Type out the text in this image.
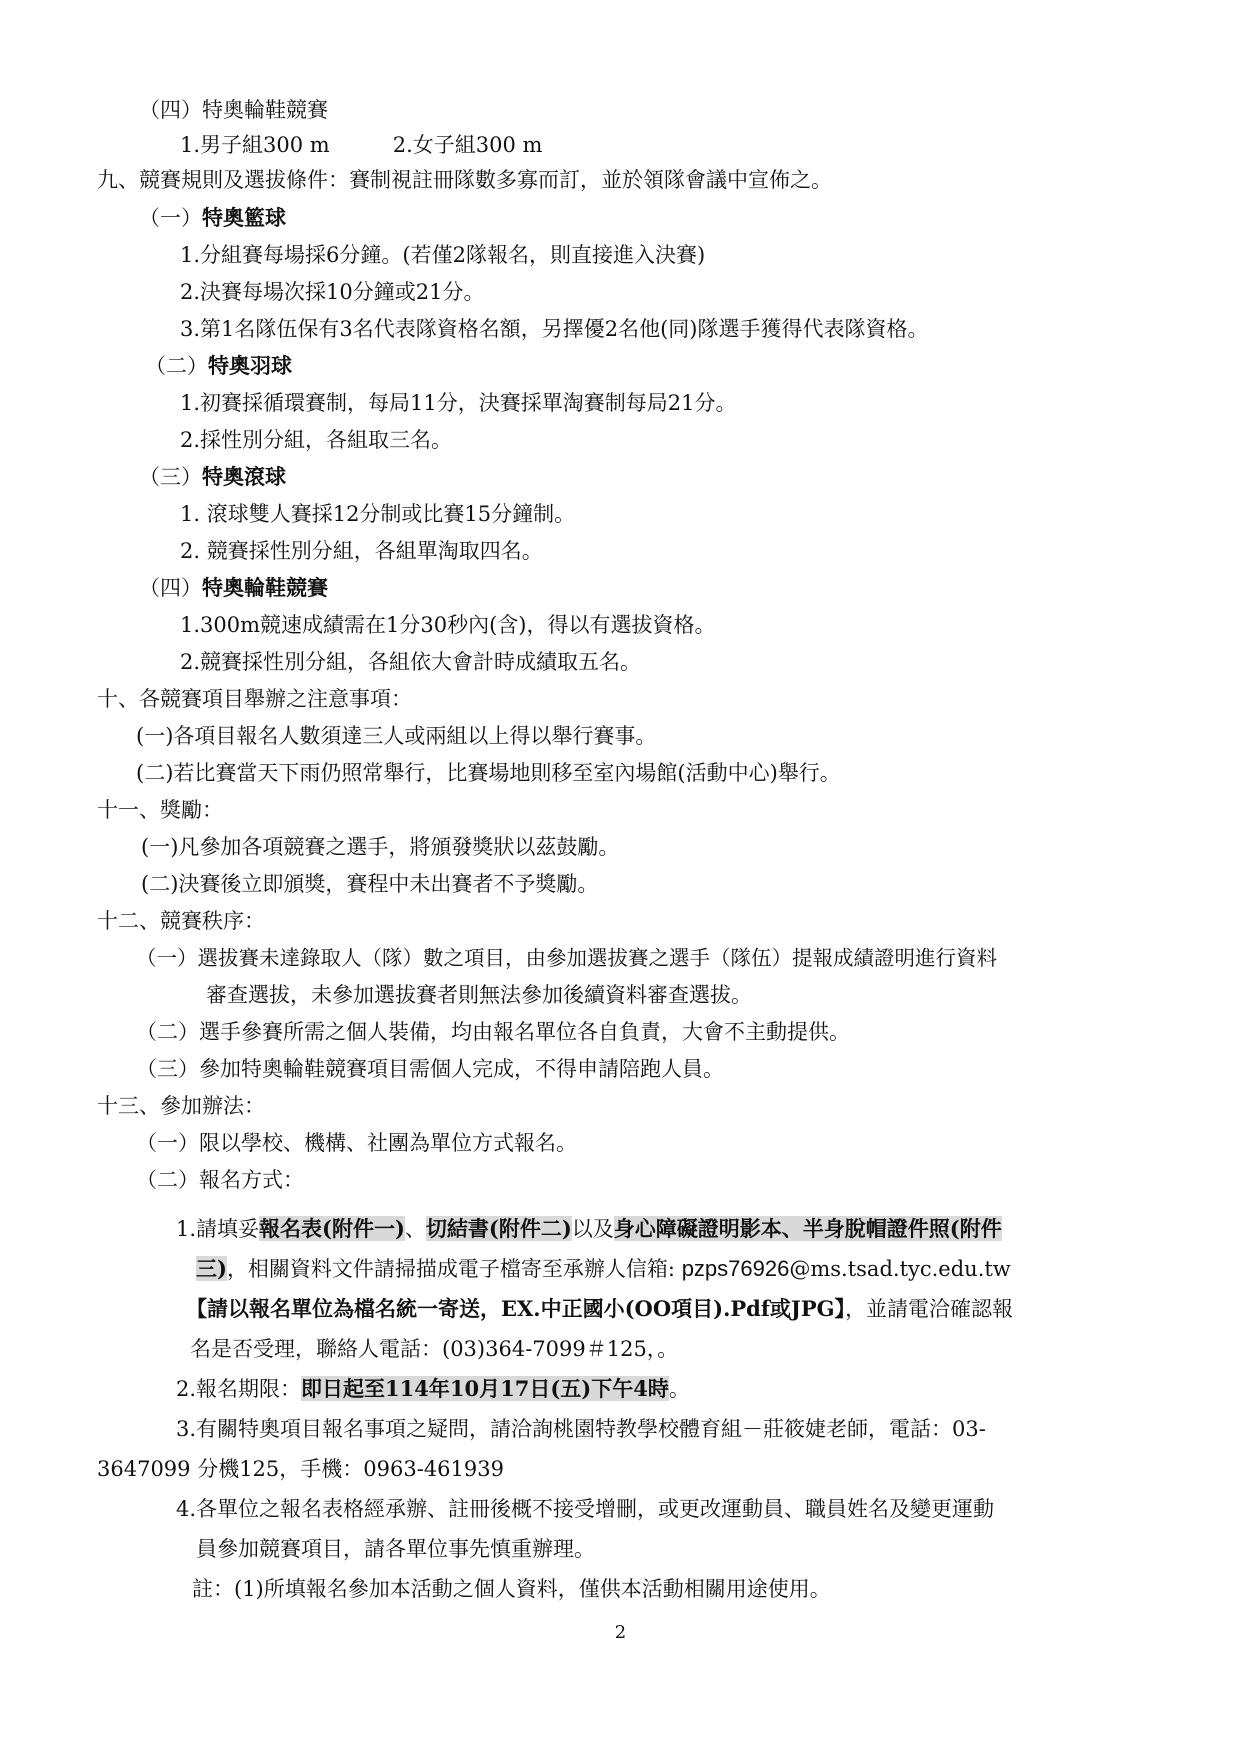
（四）特奧輪鞋競賽
1.男子組300 m　　　2.女子組300 m
九、競賽規則及選拔條件：賽制視註冊隊數多寡而訂，並於領隊會議中宣佈之。
（一）特奧籃球
1.分組賽每場採6分鐘。(若僅2隊報名，則直接進入決賽)
2.決賽每場次採10分鐘或21分。
3.第1名隊伍保有3名代表隊資格名額，另擇優2名他(同)隊選手獲得代表隊資格。
（二）特奧羽球
1.初賽採循環賽制，每局11分，決賽採單淘賽制每局21分。
2.採性別分組，各組取三名。
（三）特奧滾球
1. 滾球雙人賽採12分制或比賽15分鐘制。
2. 競賽採性別分組，各組單淘取四名。
（四）特奧輪鞋競賽
1.300m競速成績需在1分30秒內(含)，得以有選拔資格。
2.競賽採性別分組，各組依大會計時成績取五名。
十、各競賽項目舉辦之注意事項：
(一)各項目報名人數須達三人或兩組以上得以舉行賽事。
(二)若比賽當天下雨仍照常舉行，比賽場地則移至室內場館(活動中心)舉行。
十一、獎勵：
(一)凡參加各項競賽之選手，將頒發獎狀以茲鼓勵。
(二)決賽後立即頒獎，賽程中未出賽者不予獎勵。
十二、競賽秩序：
（一）選拔賽未達錄取人（隊）數之項目，由參加選拔賽之選手（隊伍）提報成績證明進行資料
審查選拔，未參加選拔賽者則無法參加後續資料審查選拔。
（二）選手參賽所需之個人裝備，均由報名單位各自負責，大會不主動提供。
（三）參加特奧輪鞋競賽項目需個人完成，不得申請陪跑人員。
十三、參加辦法：
（一）限以學校、機構、社團為單位方式報名。
（二）報名方式：
1.請填妥報名表(附件一)、切結書(附件二)以及身心障礙證明影本、半身脫帽證件照(附件
三)，相關資料文件請掃描成電子檔寄至承辦人信箱: pzps76926@ms.tsad.tyc.edu.tw
【請以報名單位為檔名統一寄送，EX.中正國小(OO項目).Pdf或JPG】，並請電洽確認報
名是否受理，聯絡人電話：(03)364-7099＃125，。
2.報名期限：即日起至114年10月17日(五)下午4時。
3.有關特奧項目報名事項之疑問，請洽詢桃園特教學校體育組－莊筱婕老師，電話：03-
3647099 分機125，手機：0963-461939
4.各單位之報名表格經承辦、註冊後概不接受增刪，或更改運動員、職員姓名及變更運動
員參加競賽項目，請各單位事先慎重辦理。
註：(1)所填報名參加本活動之個人資料，僅供本活動相關用途使用。
2
